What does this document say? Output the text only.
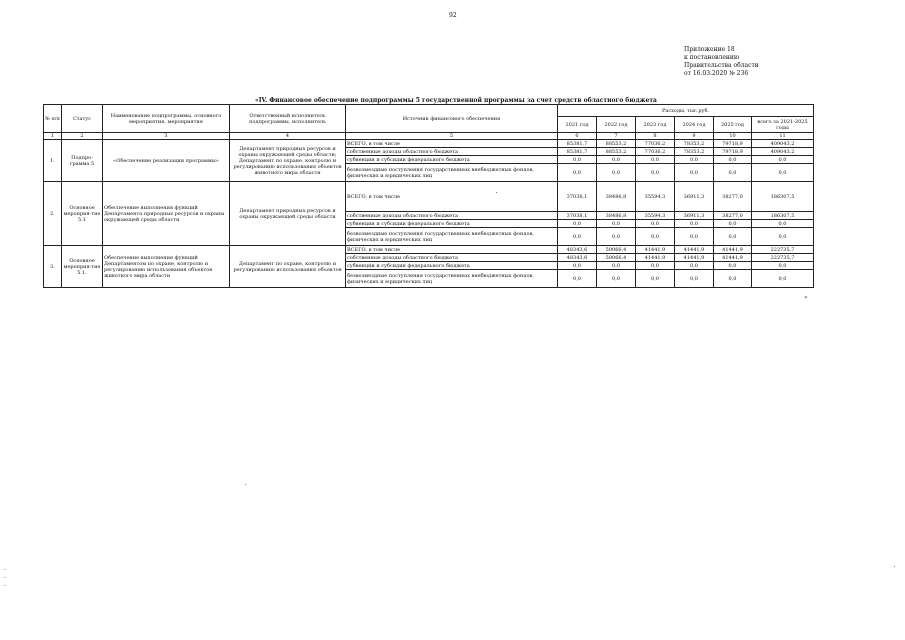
92
Приложение 18
к постановлению
Правительства области
от 16.03.2020 № 236
«IV. Финансовое обеспечение подпрограммы 5 государственной программы за счет средств областного бюджета
№ п/п	Статус	Наименование подпрограммы, основного мероприятия, мероприятия	Ответственный исполнитель подпрограммы, исполнитель	Источник финансового обеспечения	Расходы, тыс.руб.					
					2021 год	2022 год	2023 год	2024 год	2025 год	всего за 2021-2025 годы
1	2	3	4	5	6	7	8	9	10	11
1.	Подпро-грамма 5	«Обеспечение реализации программы»	Департамент природных ресурсов и охраны окружающей среды области; Департамент по охране, контролю и регулированию использования объектов животного мира области	ВСЕГО, в том числе	85381,7	88553,2	77036,2	78353,2	79718,9	409043,2
				собственные доходы областного бюджета	85381,7	88553,2	77036,2	78353,2	79718,9	409043,2
				субвенции и субсидии федерального бюджета	0,0	0,0	0,0	0,0	0,0	0,0
				безвозмездные поступления государственных внебюджетных фондов, физических и юридических лиц	0,0	0,0	0,0	0,0	0,0	0,0
2.	Основное мероприя-тие 5.1	Обеспечение выполнения функций Департамента природных ресурсов и охраны окружающей среды области	Департамент природных ресурсов и охраны окружающей среды области	ВСЕГО, в том числе	37038,1	38486,8	35594,3	36911,3	38277,0	186307,5
				собственные доходы областного бюджета	37038,1	38486,8	35594,3	36911,3	38277,0	186307,5
				субвенции и субсидии федерального бюджета	0,0	0,0	0,0	0,0	0,0	0,0
				безвозмездные поступления государственных внебюджетных фондов, физических и юридических лиц	0,0	0,0	0,0	0,0	0,0	0,0
3.	Основное мероприя-тие 5.1.	Обеспечение выполнения функций Департаментом по охране, контролю и регулированию использования объектов животного мира области	Департамент по охране, контролю и регулированию использования объектов	ВСЕГО, в том числе	48343,6	50066,4	41441,9	41441,9	41441,9	222735,7
				собственные доходы областного бюджета	48343,6	50066,4	41441,9	41441,9	41441,9	222735,7
				субвенции и субсидии федерального бюджета	0,0	0,0	0,0	0,0	0,0	0,0
				безвозмездные поступления государственных внебюджетных фондов, физических и юридических лиц	0,0	0,0	0,0	0,0	0,0	0,0
»
-
-
-
